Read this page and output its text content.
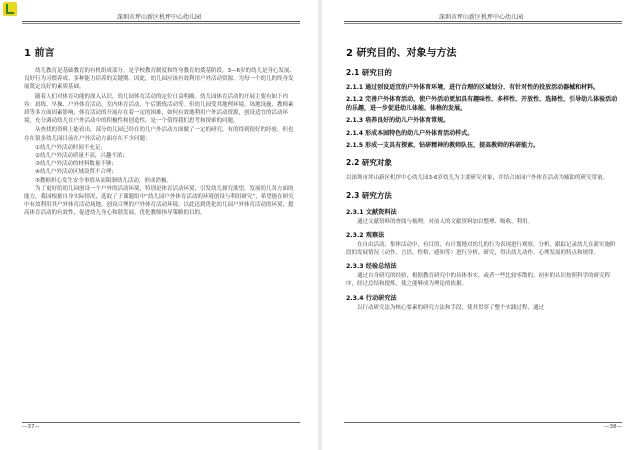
深圳市坪山新区机坪中心幼儿园
1 前言
幼儿教育是基础教育的有机组成部分，是学校教育制度和终身教育的奠基阶段。3—6岁的幼儿是身心发展、良好行为习惯养成、多种能力培养的关键期。因此，幼儿园应该有效利用户外活动资源，为每一个幼儿的终身发展奠定良好的素质基础。
随着人们对体育功能的深入认识，幼儿园体育活动的定位日益明确。幼儿园体育活动的开展主要有如下内容：晨练、早操、户外体育活动、室内体育活动、午后锻炼活动等。但幼儿园受其地理环境、场地设施、教师素质等多方面因素影响，体育活动的开展存在着一定的困难，如何有效地利用户外活动资源，创设适宜的活动环境，充分调动幼儿在户外活动中的积极性和创造性，是一个值得我们思考和探索的问题。
从查找的资料上能看出，部分幼儿园已经在幼儿户外活动方面做了一定的研究，有的得到很好的经验，但也存在很多幼儿园目前在户外活动方面存在不少问题：
①幼儿户外活动时间不充足；
②幼儿户外活动质量不高，兴趣不浓；
③幼儿户外活动的材料数量不够；
④幼儿户外活动区域设置不合理；
⑤教师担心发生安全事情从而限制幼儿活动，形成消极。
为了更好给幼儿园创设一个户外的活动环境，特别是体育活动环境，引发幼儿探究欲望，发展幼儿各方面的能力，我园根据自身实际情况，选取了子课题组中“幼儿园户外体育活动的环境创设与利用研究”，希望能在研究中有效利用其户外体育活动场地、创设合理的户外体育活动环境，以此达到优化幼儿园户外体育活动的环境，提高体育活动的有效性，促进幼儿身心和谐发展，优化教师指导策略的目的。
—37—
深圳市坪山新区机坪中心幼儿园
2 研究目的、对象与方法
2.1 研究目的
2.1.1 通过创设适宜的户外体育环境，进行合理的区域划分，有针对性的投放活动器械和材料。
2.1.2 完善户外体育活动，使户外活动更加具有趣味性、多样性、开放性、选择性，引导幼儿体验活动的乐趣，进一步促进幼儿体能、体格的发展。
2.1.3 培养良好的幼儿户外体育常规。
2.1.4 形成本园特色的幼儿户外体育活动样式。
2.1.5 形成一支具有探索、钻研精神的教师队伍，提高教师的科研能力。
2.2 研究对象
以深圳市坪山新区机坪中心幼儿园3-6岁幼儿为主要研究对象，并结合该园户外体育活动为辅助的研究常量。
2.3 研究方法
2.3.1 文献资料法
通过文献资料的查阅与梳理，对前人的文献资料加以整理、吸收、利用。
2.3.2 观察法
在自由活动、集体活动中，有目的、有计划地对幼儿的行为表现进行观察、分析，跟踪记录幼儿在新实施阶段的发展情况（动作、言语、性格、感知等）进行分析、研究，得出幼儿动作、心理发展的特点和规律。
2.3.3 经验总结法
通过自身研究的经验，根据教育研究中的具体事实，或者一些比较零散的、初步的认识按照科学的研究程序，经过总结和提炼，使之能够成为理论的依据。
2.3.4 行动研究法
以行动研究法为核心要素的研究方法和手段，使其贯穿了整个实践过程，通过
—38—
